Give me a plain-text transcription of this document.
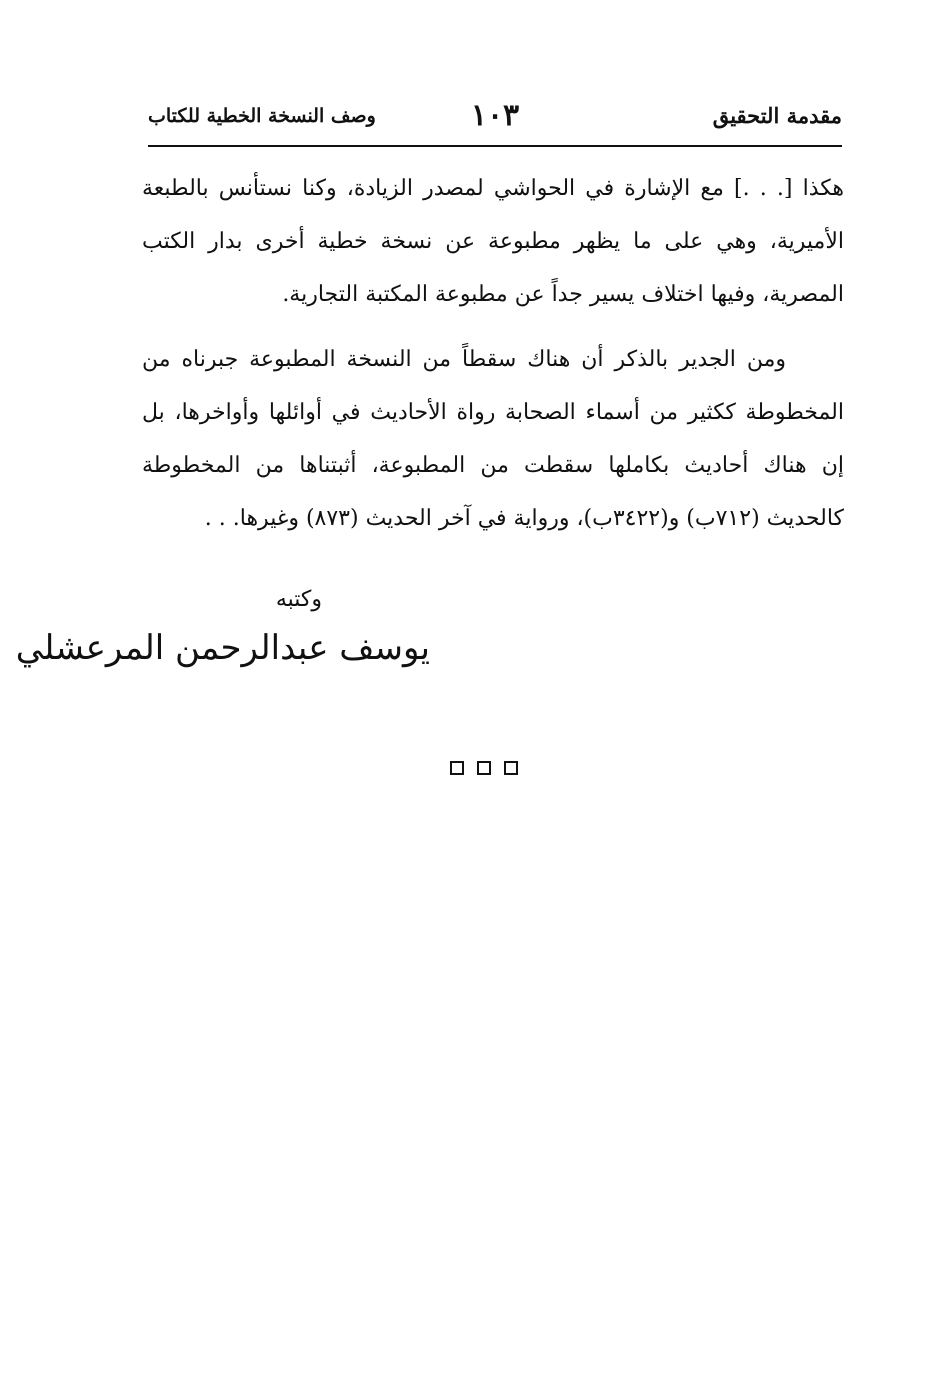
مقدمة التحقيق
١٠٣
وصف النسخة الخطية للكتاب

هكذا [. . .] مع الإشارة في الحواشي لمصدر الزيادة، وكنا نستأنس بالطبعة الأميرية، وهي على ما يظهر مطبوعة عن نسخة خطية أخرى بدار الكتب المصرية، وفيها اختلاف يسير جداً عن مطبوعة المكتبة التجارية.

ومن الجدير بالذكر أن هناك سقطاً من النسخة المطبوعة جبرناه من المخطوطة ككثير من أسماء الصحابة رواة الأحاديث في أوائلها وأواخرها، بل إن هناك أحاديث بكاملها سقطت من المطبوعة، أثبتناها من المخطوطة كالحديث (٧١٢ب) و(٣٤٢٢ب)، ورواية في آخر الحديث (٨٧٣) وغيرها. . .

وكتبه
يوسف عبدالرحمن المرعشلي
